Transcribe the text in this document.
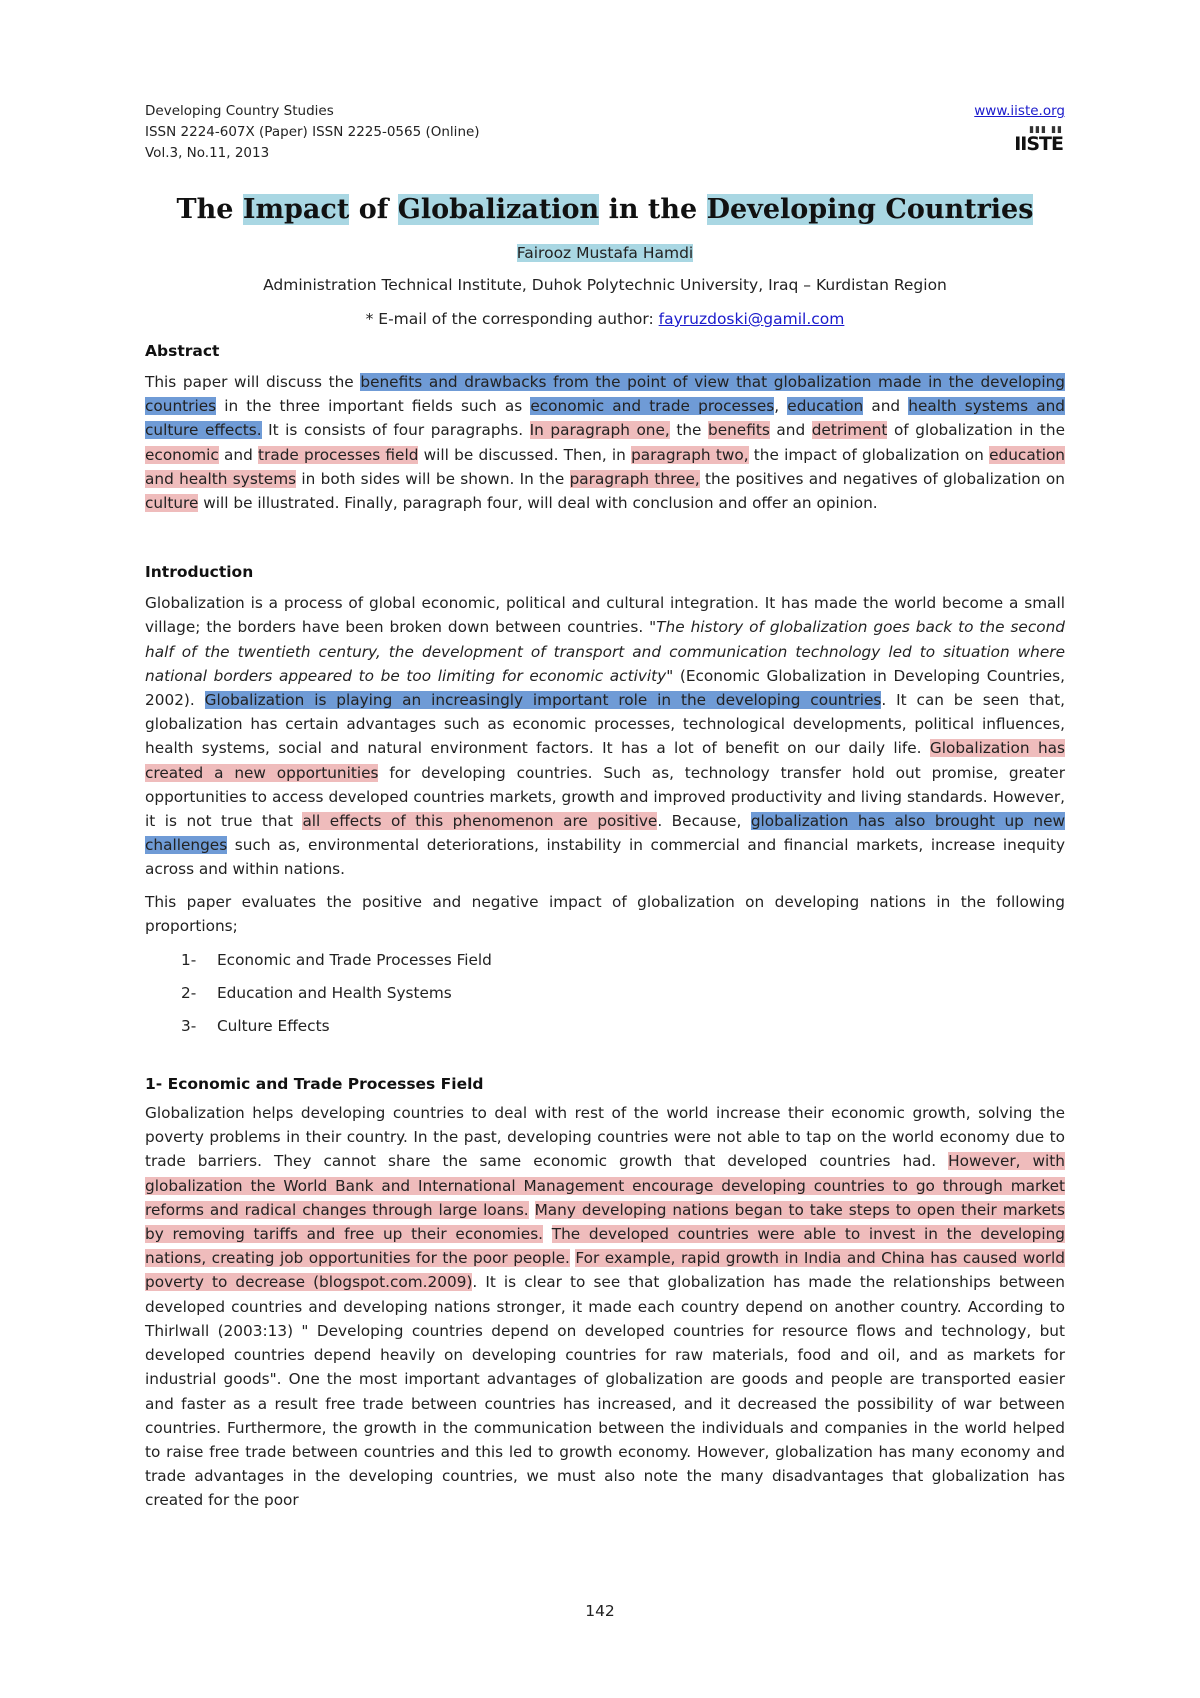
Developing Country Studies
ISSN 2224-607X (Paper) ISSN 2225-0565 (Online)
Vol.3, No.11, 2013
www.iiste.org
▮▮▮ ▮▮
IISTE
The Impact of Globalization in the Developing Countries
Fairooz Mustafa Hamdi
Administration Technical Institute, Duhok Polytechnic University, Iraq – Kurdistan Region
* E-mail of the corresponding author: fayruzdoski@gamil.com
Abstract

This paper will discuss the benefits and drawbacks from the point of view that globalization made in the developing countries in the three important fields such as economic and trade processes, education and health systems and culture effects. It is consists of four paragraphs. In paragraph one, the benefits and detriment of globalization in the economic and trade processes field will be discussed. Then, in paragraph two, the impact of globalization on education and health systems in both sides will be shown. In the paragraph three, the positives and negatives of globalization on culture will be illustrated. Finally, paragraph four, will deal with conclusion and offer an opinion.

Introduction

Globalization is a process of global economic, political and cultural integration. It has made the world become a small village; the borders have been broken down between countries. "The history of globalization goes back to the second half of the twentieth century, the development of transport and communication technology led to situation where national borders appeared to be too limiting for economic activity" (Economic Globalization in Developing Countries, 2002). Globalization is playing an increasingly important role in the developing countries. It can be seen that, globalization has certain advantages such as economic processes, technological developments, political influences, health systems, social and natural environment factors. It has a lot of benefit on our daily life. Globalization has created a new opportunities for developing countries. Such as, technology transfer hold out promise, greater opportunities to access developed countries markets, growth and improved productivity and living standards. However, it is not true that all effects of this phenomenon are positive. Because, globalization has also brought up new challenges such as, environmental deteriorations, instability in commercial and financial markets, increase inequity across and within nations.

This paper evaluates the positive and negative impact of globalization on developing nations in the following proportions;

1-	Economic and Trade Processes Field
2-	Education and Health Systems
3-	Culture Effects
1- Economic and Trade Processes Field

Globalization helps developing countries to deal with rest of the world increase their economic growth, solving the poverty problems in their country. In the past, developing countries were not able to tap on the world economy due to trade barriers. They cannot share the same economic growth that developed countries had. However, with globalization the World Bank and International Management encourage developing countries to go through market reforms and radical changes through large loans. Many developing nations began to take steps to open their markets by removing tariffs and free up their economies. The developed countries were able to invest in the developing nations, creating job opportunities for the poor people. For example, rapid growth in India and China has caused world poverty to decrease (blogspot.com.2009). It is clear to see that globalization has made the relationships between developed countries and developing nations stronger, it made each country depend on another country. According to Thirlwall (2003:13) " Developing countries depend on developed countries for resource flows and technology, but developed countries depend heavily on developing countries for raw materials, food and oil, and as markets for industrial goods". One the most important advantages of globalization are goods and people are transported easier and faster as a result free trade between countries has increased, and it decreased the possibility of war between countries. Furthermore, the growth in the communication between the individuals and companies in the world helped to raise free trade between countries and this led to growth economy. However, globalization has many economy and trade advantages in the developing countries, we must also note the many disadvantages that globalization has created for the poor

142
